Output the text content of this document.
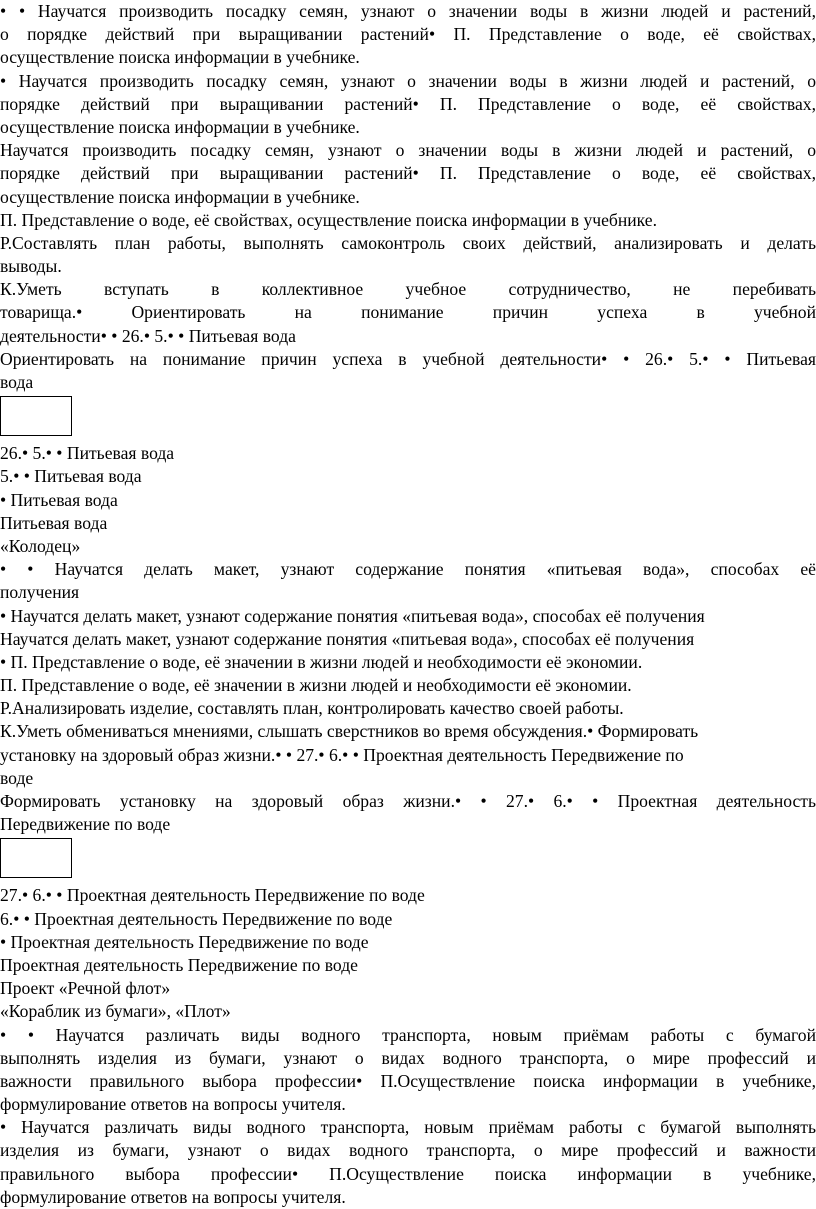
• • Научатся производить посадку семян, узнают о значении воды в жизни людей и растений,
о порядке действий при выращивании растений• П. Представление о воде, её свойствах,
осуществление поиска информации в учебнике.
• Научатся производить посадку семян, узнают о значении воды в жизни людей и растений, о
порядке действий при выращивании растений• П. Представление о воде, её свойствах,
осуществление поиска информации в учебнике.
Научатся производить посадку семян, узнают о значении воды в жизни людей и растений, о
порядке действий при выращивании растений• П. Представление о воде, её свойствах,
осуществление поиска информации в учебнике.
П. Представление о воде, её свойствах, осуществление поиска информации в учебнике.
Р.Составлять план работы, выполнять самоконтроль своих действий, анализировать и делать
выводы.
К.Уметь вступать в коллективное учебное сотрудничество, не перебивать
товарища.• Ориентировать на понимание причин успеха в учебной
деятельности• • 26.• 5.• • Питьевая вода
Ориентировать на понимание причин успеха в учебной деятельности• • 26.• 5.• • Питьевая
вода
26.• 5.• • Питьевая вода
5.• • Питьевая вода
• Питьевая вода
Питьевая вода
«Колодец»
• • Научатся делать макет, узнают содержание понятия «питьевая вода», способах её
получения
• Научатся делать макет, узнают содержание понятия «питьевая вода», способах её получения
Научатся делать макет, узнают содержание понятия «питьевая вода», способах её получения
• П. Представление о воде, её значении в жизни людей и необходимости её экономии.
П. Представление о воде, её значении в жизни людей и необходимости её экономии.
Р.Анализировать изделие, составлять план, контролировать качество своей работы.
К.Уметь обмениваться мнениями, слышать сверстников во время обсуждения.• Формировать
установку на здоровый образ жизни.• • 27.• 6.• • Проектная деятельность Передвижение по
воде
Формировать установку на здоровый образ жизни.• • 27.• 6.• • Проектная деятельность
Передвижение по воде
27.• 6.• • Проектная деятельность Передвижение по воде
6.• • Проектная деятельность Передвижение по воде
• Проектная деятельность Передвижение по воде
Проектная деятельность Передвижение по воде
Проект «Речной флот»
«Кораблик из бумаги», «Плот»
• • Научатся различать виды водного транспорта, новым приёмам работы с бумагой
выполнять изделия из бумаги, узнают о видах водного транспорта, о мире профессий и
важности правильного выбора профессии• П.Осуществление поиска информации в учебнике,
формулирование ответов на вопросы учителя.
• Научатся различать виды водного транспорта, новым приёмам работы с бумагой выполнять
изделия из бумаги, узнают о видах водного транспорта, о мире профессий и важности
правильного выбора профессии• П.Осуществление поиска информации в учебнике,
формулирование ответов на вопросы учителя.
